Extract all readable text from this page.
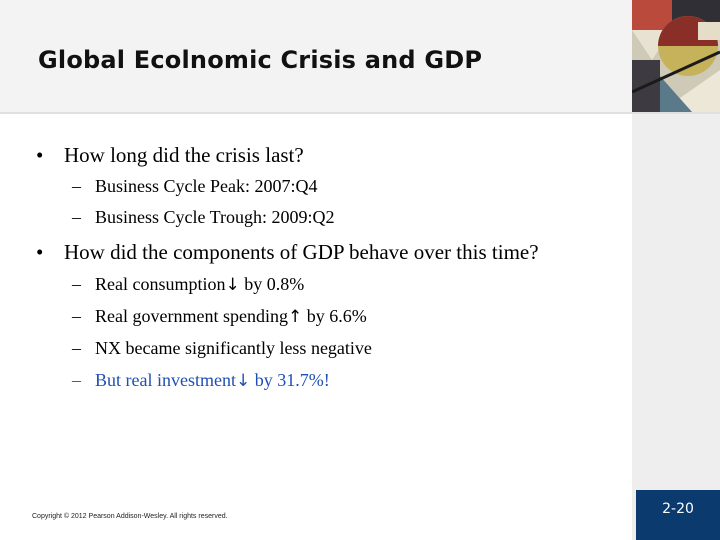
Global Ecolnomic Crisis and GDP
• How long did the crisis last?
– Business Cycle Peak: 2007:Q4
– Business Cycle Trough: 2009:Q2
• How did the components of GDP behave over this time?
– Real consumption↓ by 0.8%
– Real government spending↑ by 6.6%
– NX became significantly less negative
– But real investment↓ by 31.7%!
Copyright © 2012 Pearson Addison-Wesley. All rights reserved.	2-20
